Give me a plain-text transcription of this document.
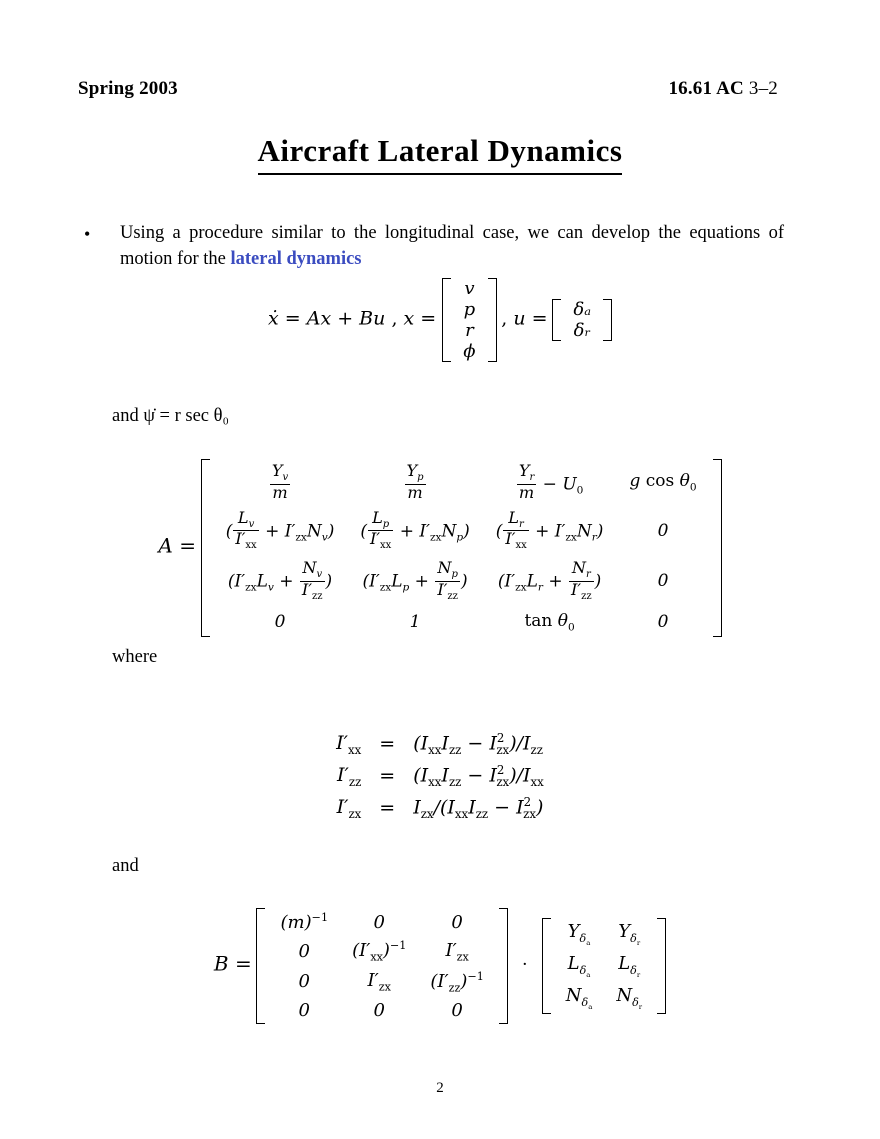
Spring 2003	16.61 AC 3–2
Aircraft Lateral Dynamics
• Using a procedure similar to the longitudinal case, we can develop the equations of motion for the lateral dynamics
ẋ = Ax + Bu , x =
v
p
r
ϕ
, u = δₐ
δᵣ
and ψ̇ = r sec θ₀
A =
$\frac{Y_v}{m}$	$\frac{Y_p}{m}$	$\frac{Y_r}{m} - U_0$	g $\cos \theta_0$
( $\frac{L_v}{I'_{xx}} + I'_{zx}N_v$)	( $\frac{L_p}{I'_{xx}} + I'_{zx}N_p$)	( $\frac{L_r}{I'_{xx}} + I'_{zx}N_r$)	0
($I'_{zx}L_v + \frac{N_v}{I'_{zz}}$ )	($I'_{zx}L_p + \frac{N_p}{I'_{zz}}$ )	($I'_{zx}L_r + \frac{N_r}{I'_{zz}}$ )	0
0	1	$\tan \theta_0$	0
where
$I'_{xx}$	=	$(I_{xx}I_{zz} - I^2_{zx})/I_{zz}$
$I'_{zz}$	=	$(I_{xx}I_{zz} - I^2_{zx})/I_{xx}$
$I'_{zx}$	=	$I_{zx}/(I_{xx}I_{zz} - I^2_{zx})$
and
B =
$(m)^{-1}$	0	0
0	$(I'_{xx})^{-1}$	$I'_{zx}$
0	$I'_{zx}$	$(I'_{zz})^{-1}$
0	0	0
·
$Y_{\delta_a}$	$Y_{\delta_r}$
$L_{\delta_a}$	$L_{\delta_r}$
$N_{\delta_a}$	$N_{\delta_r}$
2
